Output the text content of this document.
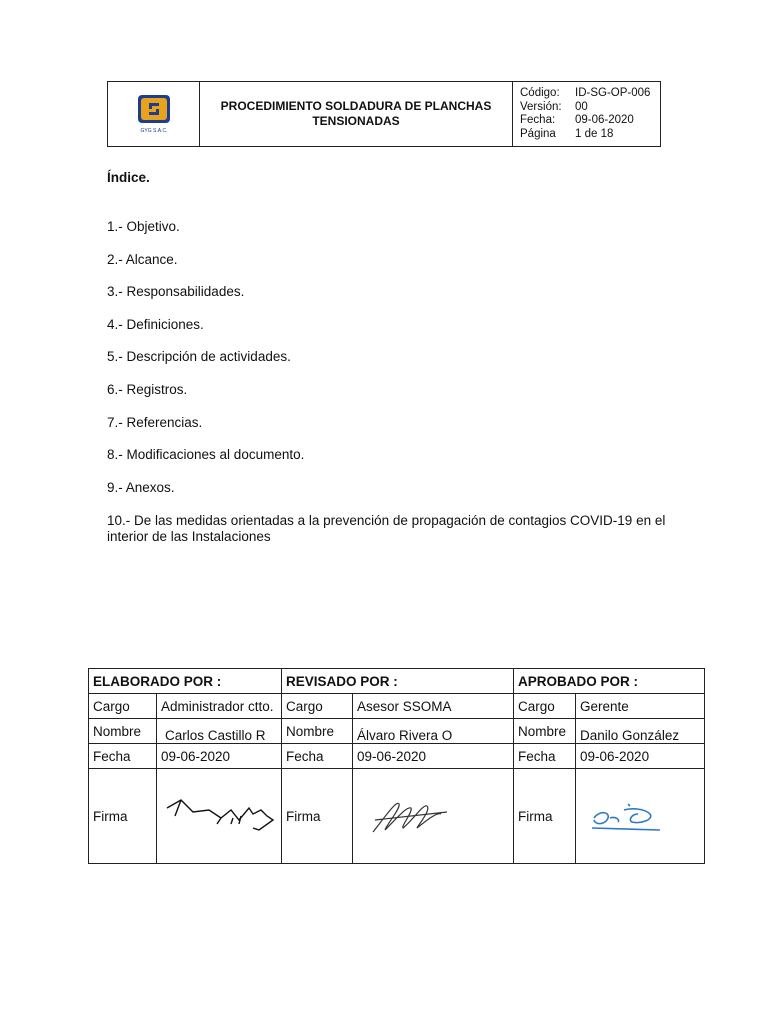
GYG S.A.C.
PROCEDIMIENTO SOLDADURA DE PLANCHAS
TENSIONADAS
Código:	ID-SG-OP-006
Versión:	00
Fecha:	09-06-2020
Página	1 de 18
Índice.
1.- Objetivo.
2.- Alcance.
3.- Responsabilidades.
4.- Definiciones.
5.- Descripción de actividades.
6.- Registros.
7.- Referencias.
8.- Modificaciones al documento.
9.- Anexos.
10.- De las medidas orientadas a la prevención de propagación de contagios COVID-19 en el interior de las Instalaciones
ELABORADO POR :		REVISADO POR :		APROBADO POR :	
Cargo	Administrador ctto.	Cargo	Asesor SSOMA	Cargo	Gerente
Nombre	Carlos Castillo R	Nombre	Álvaro Rivera O	Nombre	Danilo González
Fecha	09-06-2020	Fecha	09-06-2020	Fecha	09-06-2020
Firma		Firma		Firma	
